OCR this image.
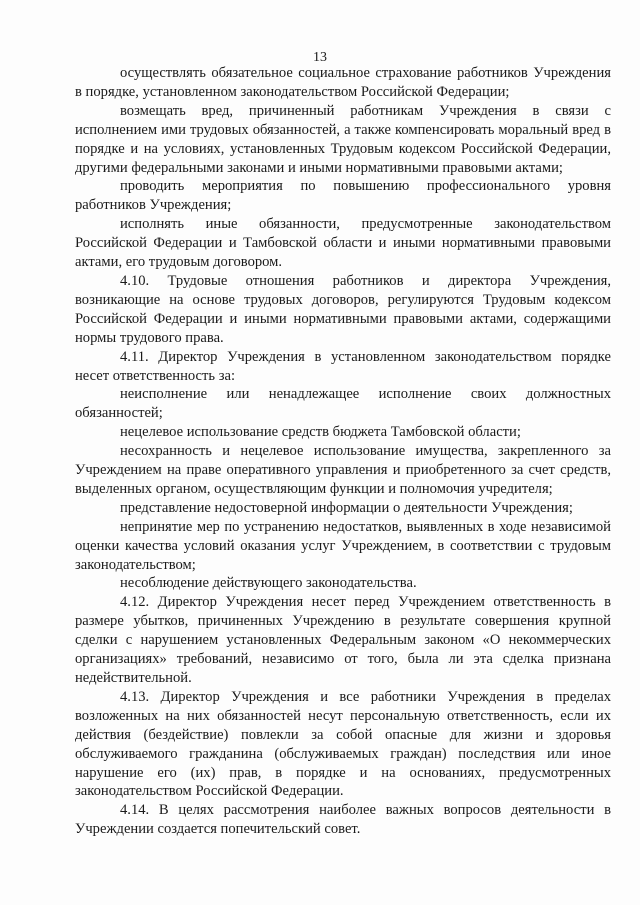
13

осуществлять обязательное социальное страхование работников Учреждения в порядке, установленном законодательством Российской Федерации;

возмещать вред, причиненный работникам Учреждения в связи с исполнением ими трудовых обязанностей, а также компенсировать моральный вред в порядке и на условиях, установленных Трудовым кодексом Российской Федерации, другими федеральными законами и иными нормативными правовыми актами;

проводить мероприятия по повышению профессионального уровня работников Учреждения;

исполнять иные обязанности, предусмотренные законодательством Российской Федерации и Тамбовской области и иными нормативными правовыми актами, его трудовым договором.

4.10. Трудовые отношения работников и директора Учреждения, возникающие на основе трудовых договоров, регулируются Трудовым кодексом Российской Федерации и иными нормативными правовыми актами, содержащими нормы трудового права.

4.11. Директор Учреждения в установленном законодательством порядке несет ответственность за:

неисполнение или ненадлежащее исполнение своих должностных обязанностей;

нецелевое использование средств бюджета Тамбовской области;

несохранность и нецелевое использование имущества, закрепленного за Учреждением на праве оперативного управления и приобретенного за счет средств, выделенных органом, осуществляющим функции и полномочия учредителя;

представление недостоверной информации о деятельности Учреждения;

непринятие мер по устранению недостатков, выявленных в ходе независимой оценки качества условий оказания услуг Учреждением, в соответствии с трудовым законодательством;

несоблюдение действующего законодательства.

4.12. Директор Учреждения несет перед Учреждением ответственность в размере убытков, причиненных Учреждению в результате совершения крупной сделки с нарушением установленных Федеральным законом «О некоммерческих организациях» требований, независимо от того, была ли эта сделка признана недействительной.

4.13. Директор Учреждения и все работники Учреждения в пределах возложенных на них обязанностей несут персональную ответственность, если их действия (бездействие) повлекли за собой опасные для жизни и здоровья обслуживаемого гражданина (обслуживаемых граждан) последствия или иное нарушение его (их) прав, в порядке и на основаниях, предусмотренных законодательством Российской Федерации.

4.14. В целях рассмотрения наиболее важных вопросов деятельности в Учреждении создается попечительский совет.
